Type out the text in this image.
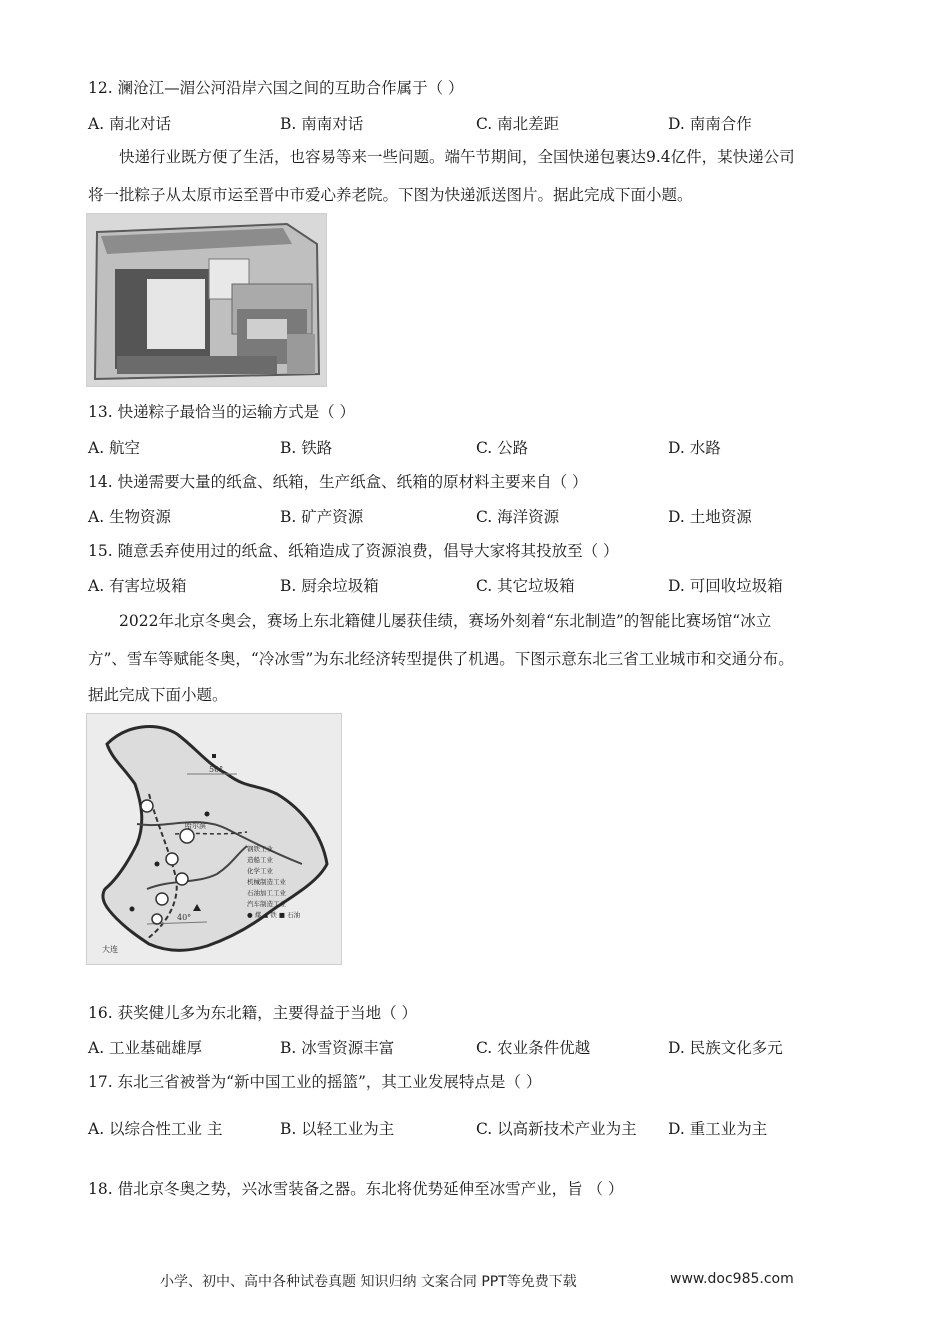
12. 澜沧江—湄公河沿岸六国之间的互助合作属于（ ）
A. 南北对话	B. 南南对话	C. 南北差距	D. 南南合作
快递行业既方便了生活，也容易等来一些问题。端午节期间，全国快递包裹达9.4亿件，某快递公司
将一批粽子从太原市运至晋中市爱心养老院。下图为快递派送图片。据此完成下面小题。
13. 快递粽子最恰当的运输方式是（ ）
A. 航空	B. 铁路	C. 公路	D. 水路
14. 快递需要大量的纸盒、纸箱，生产纸盒、纸箱的原材料主要来自（ ）
A. 生物资源	B. 矿产资源	C. 海洋资源	D. 土地资源
15. 随意丢弃使用过的纸盒、纸箱造成了资源浪费，倡导大家将其投放至（ ）
A. 有害垃圾箱	B. 厨余垃圾箱	C. 其它垃圾箱	D. 可回收垃圾箱
2022年北京冬奥会，赛场上东北籍健儿屡获佳绩，赛场外刻着“东北制造”的智能比赛场馆“冰立
方”、雪车等赋能冬奥，“冷冰雪”为东北经济转型提供了机遇。下图示意东北三省工业城市和交通分布。
据此完成下面小题。
50°
40°
哈尔滨
大连
钢铁工业
造船工业
化学工业
机械制造工业
石油加工工业
汽车制造工业
● 煤 ▲ 铁 ■ 石油
16. 获奖健儿多为东北籍，主要得益于当地（ ）
A. 工业基础雄厚	B. 冰雪资源丰富	C. 农业条件优越	D. 民族文化多元
17. 东北三省被誉为“新中国工业的摇篮”，其工业发展特点是（ ）
A. 以综合性工业 主	B. 以轻工业为主	C. 以高新技术产业为主 D. 重工业为主
18. 借北京冬奥之势，兴冰雪装备之器。东北将优势延伸至冰雪产业，旨 （ ）
小学、初中、高中各种试卷真题 知识归纳 文案合同 PPT等免费下载	www.doc985.com
